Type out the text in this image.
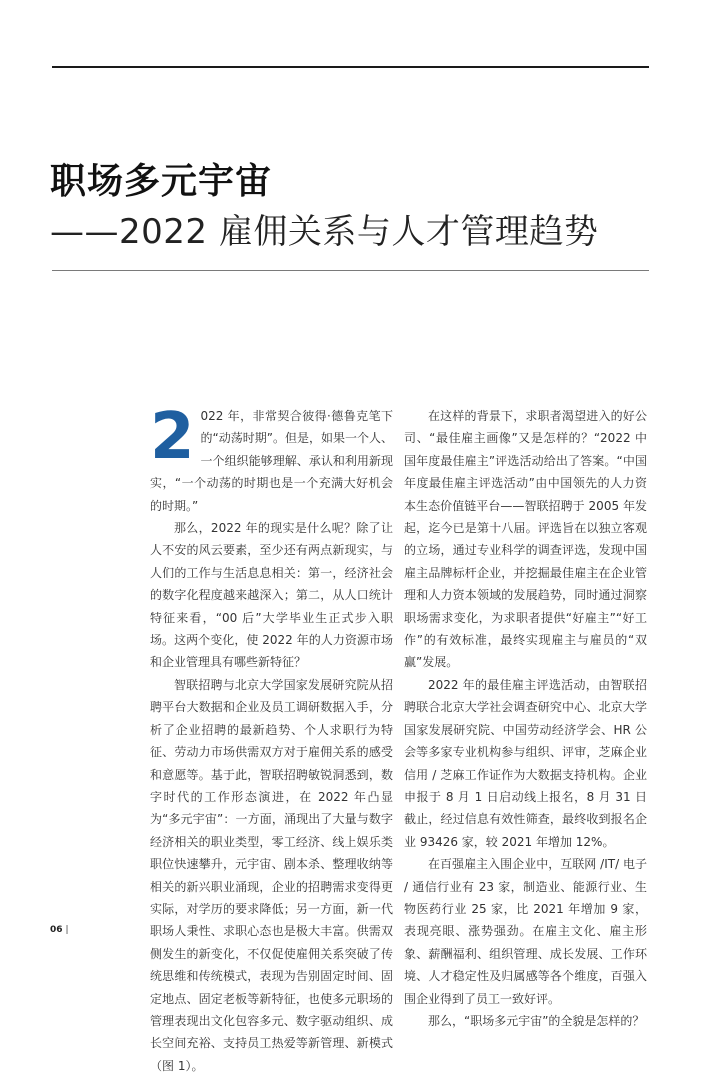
职场多元宇宙
——2022 雇佣关系与人才管理趋势

2 022 年，非常契合彼得·德鲁克笔下的“动荡时期”。但是，如果一个人、一个组织能够理解、承认和利用新现实，“一个动荡的时期也是一个充满大好机会的时期。”

那么，2022 年的现实是什么呢？除了让人不安的风云要素，至少还有两点新现实，与人们的工作与生活息息相关：第一，经济社会的数字化程度越来越深入；第二，从人口统计特征来看，“00 后”大学毕业生正式步入职场。这两个变化，使 2022 年的人力资源市场和企业管理具有哪些新特征？

智联招聘与北京大学国家发展研究院从招聘平台大数据和企业及员工调研数据入手，分析了企业招聘的最新趋势、个人求职行为特征、劳动力市场供需双方对于雇佣关系的感受和意愿等。基于此，智联招聘敏锐洞悉到，数字时代的工作形态演进，在 2022 年凸显为“多元宇宙”：一方面，涌现出了大量与数字经济相关的职业类型，零工经济、线上娱乐类职位快速攀升，元宇宙、剧本杀、整理收纳等相关的新兴职业涌现，企业的招聘需求变得更实际，对学历的要求降低；另一方面，新一代职场人秉性、求职心态也是极大丰富。供需双侧发生的新变化，不仅促使雇佣关系突破了传统思维和传统模式，表现为告别固定时间、固定地点、固定老板等新特征，也使多元职场的管理表现出文化包容多元、数字驱动组织、成长空间充裕、支持员工热爱等新管理、新模式（图 1）。

在这样的背景下，求职者渴望进入的好公司、“最佳雇主画像”又是怎样的？“2022 中国年度最佳雇主”评选活动给出了答案。“中国年度最佳雇主评选活动”由中国领先的人力资本生态价值链平台——智联招聘于 2005 年发起，迄今已是第十八届。评选旨在以独立客观的立场，通过专业科学的调查评选，发现中国雇主品牌标杆企业，并挖掘最佳雇主在企业管理和人力资本领域的发展趋势，同时通过洞察职场需求变化，为求职者提供“好雇主”“好工作”的有效标准，最终实现雇主与雇员的“双赢”发展。

2022 年的最佳雇主评选活动，由智联招聘联合北京大学社会调查研究中心、北京大学国家发展研究院、中国劳动经济学会、HR 公会等多家专业机构参与组织、评审，芝麻企业信用 / 芝麻工作证作为大数据支持机构。企业申报于 8 月 1 日启动线上报名，8 月 31 日截止，经过信息有效性筛查，最终收到报名企业 93426 家，较 2021 年增加 12%。

在百强雇主入围企业中，互联网 /IT/ 电子 / 通信行业有 23 家，制造业、能源行业、生物医药行业 25 家，比 2021 年增加 9 家，表现亮眼、涨势强劲。在雇主文化、雇主形象、薪酬福利、组织管理、成长发展、工作环境、人才稳定性及归属感等各个维度，百强入围企业得到了员工一致好评。

那么，“职场多元宇宙”的全貌是怎样的？

06 |
